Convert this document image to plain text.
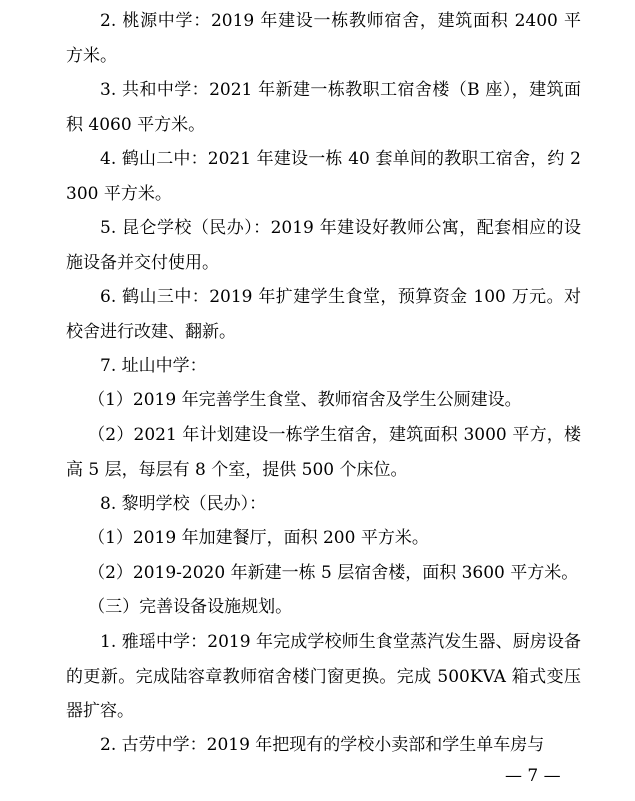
2. 桃源中学：2019 年建设一栋教师宿舍，建筑面积 2400 平方米。

3. 共和中学：2021 年新建一栋教职工宿舍楼（B 座），建筑面积 4060 平方米。

4. 鹤山二中：2021 年建设一栋 40 套单间的教职工宿舍，约 2300 平方米。

5. 昆仑学校（民办）：2019 年建设好教师公寓，配套相应的设施设备并交付使用。

6. 鹤山三中：2019 年扩建学生食堂，预算资金 100 万元。对校舍进行改建、翻新。

7. 址山中学：

（1）2019 年完善学生食堂、教师宿舍及学生公厕建设。

（2）2021 年计划建设一栋学生宿舍，建筑面积 3000 平方，楼高 5 层，每层有 8 个室，提供 500 个床位。

8. 黎明学校（民办）：

（1）2019 年加建餐厅，面积 200 平方米。

（2）2019-2020 年新建一栋 5 层宿舍楼，面积 3600 平方米。

（三）完善设备设施规划。

1. 雅瑶中学：2019 年完成学校师生食堂蒸汽发生器、厨房设备的更新。完成陆容章教师宿舍楼门窗更换。完成 500KVA 箱式变压器扩容。

2. 古劳中学：2019 年把现有的学校小卖部和学生单车房与

— 7 —
